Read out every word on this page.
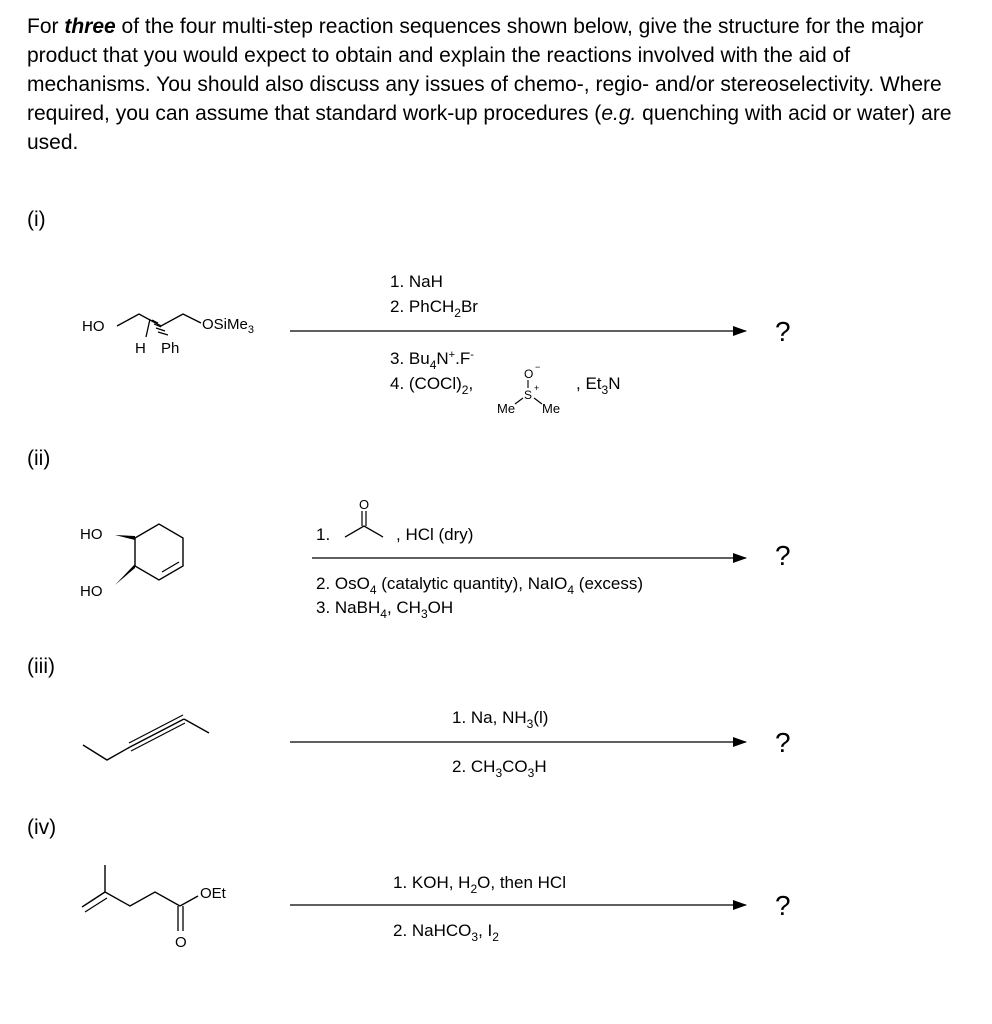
For three of the four multi-step reaction sequences shown below, give the structure for the major product that you would expect to obtain and explain the reactions involved with the aid of mechanisms. You should also discuss any issues of chemo-, regio- and/or stereoselectivity. Where required, you can assume that standard work-up procedures (e.g. quenching with acid or water) are used.

(i)
(ii)
(iii)
(iv)
HO
H Ph
OSiMe$_3$
1. NaH
2. PhCH$_2$Br
3. $Bu_4N^+.F^-$
4. $(COCl)_2$,	O −
S +
Me Me
, $Et_3N$
?
HO
HO
1.
O
, HCl (dry)
2. OsO$_4$ (catalytic quantity), NaIO$_4$ (excess)
3. NaBH$_4$, $CH_3OH$
?
1. Na, $NH_3(l)$
2. $CH_3CO_3H$
?
OEt
O
1. KOH, $H_2O$, then HCl
2. NaHCO$_3$, $I_2$
?
